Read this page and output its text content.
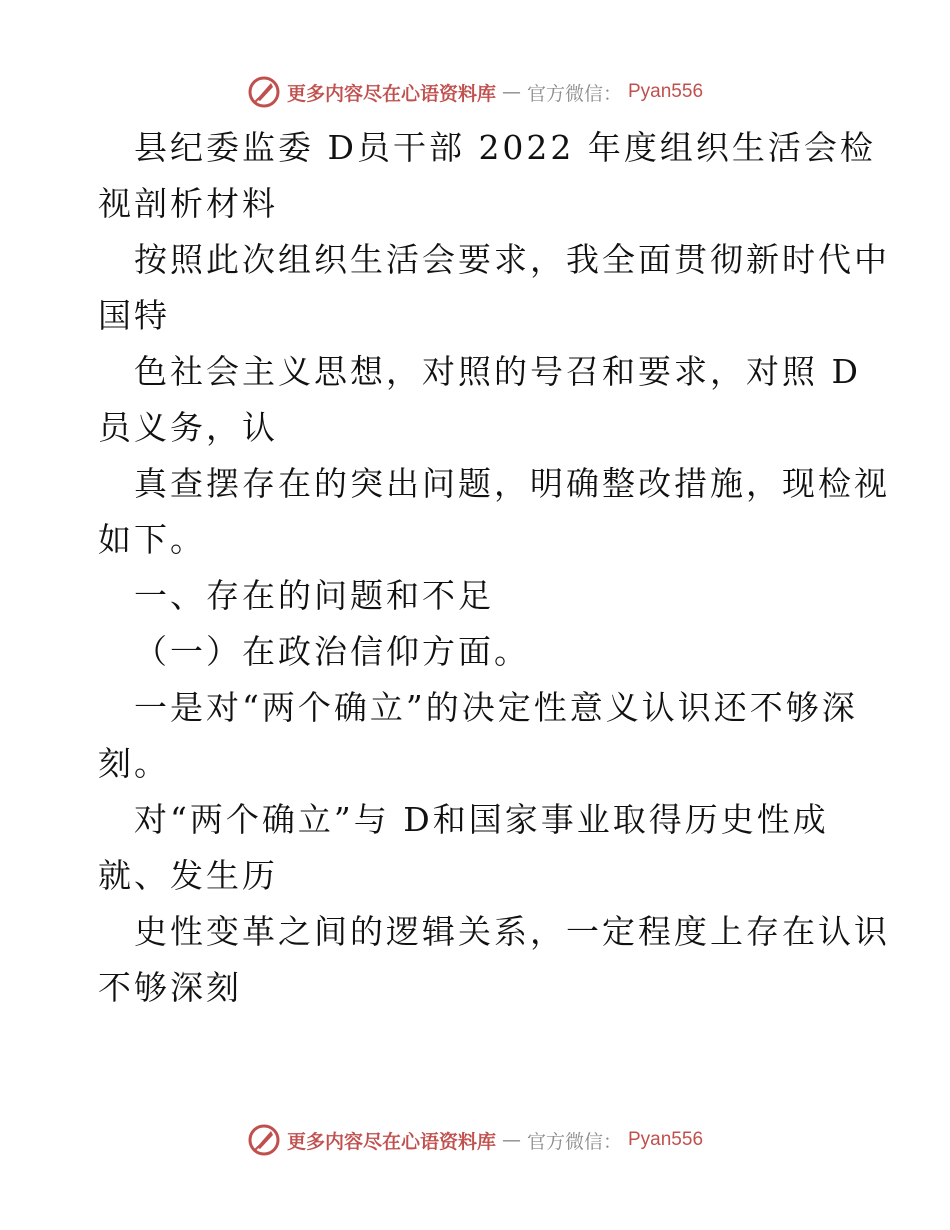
更多内容尽在心语资料库 — 官方微信： Pyan556
县纪委监委 D员干部 2022 年度组织生活会检
视剖析材料
按照此次组织生活会要求，我全面贯彻新时代中
国特
色社会主义思想，对照的号召和要求，对照 D
员义务，认
真查摆存在的突出问题，明确整改措施，现检视
如下。
一、存在的问题和不足
（一）在政治信仰方面。
一是对“两个确立”的决定性意义认识还不够深
刻。
对“两个确立”与 D和国家事业取得历史性成
就、发生历
史性变革之间的逻辑关系，一定程度上存在认识
不够深刻
更多内容尽在心语资料库 — 官方微信： Pyan556
